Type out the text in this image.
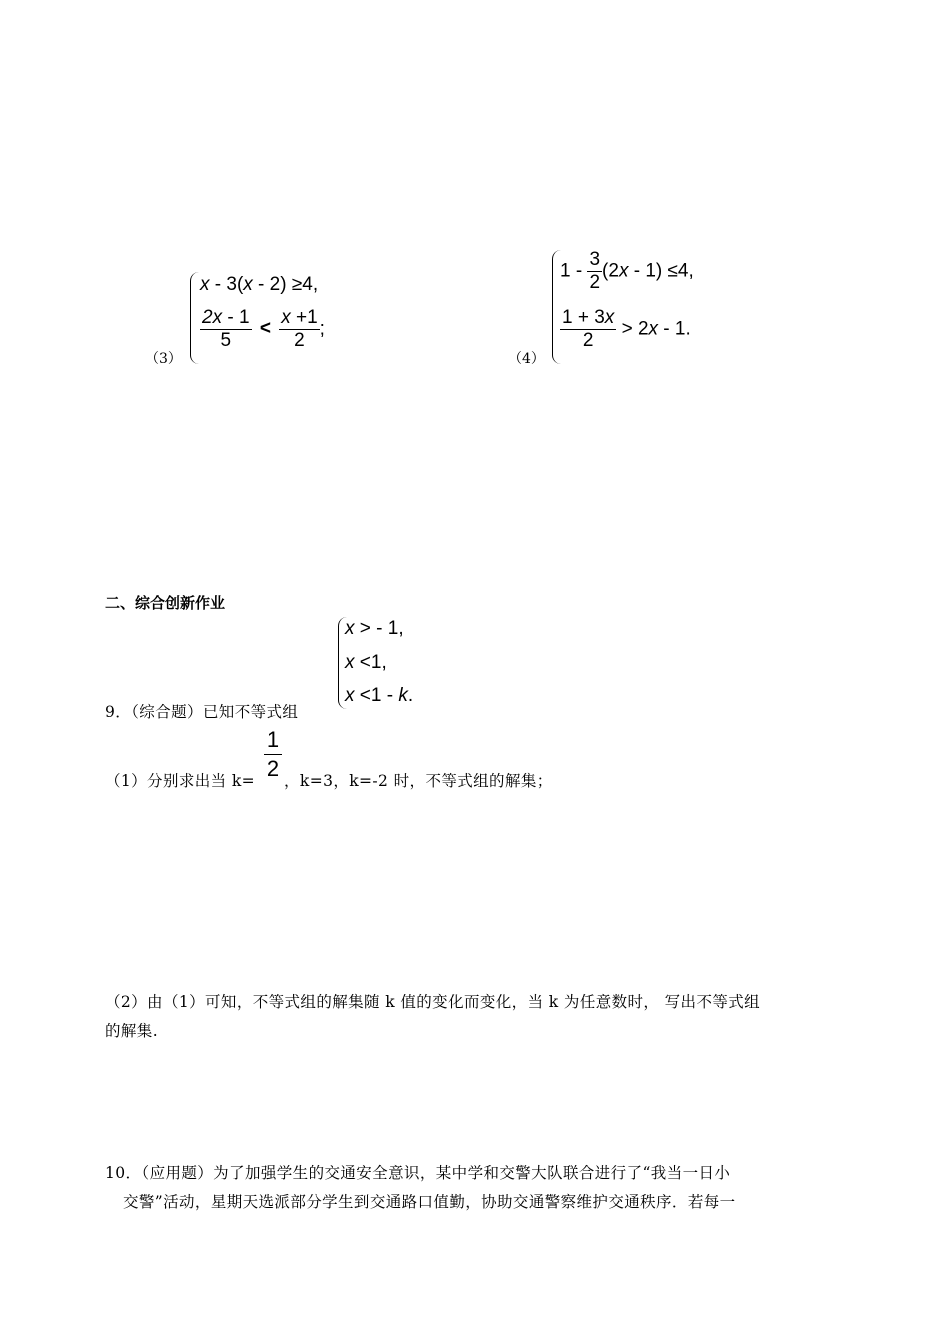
（3）
x - 3(x - 2) ≥4,
$\frac{2x - 1}{5} < \frac{x +1}{2}$ ;
（4）
$1 - \frac{3}{2} (2x - 1) \le 4$,
$\frac{1 + 3x}{2} > 2x - 1$.
二、综合创新作业
x > - 1,
x <1,
x <1 - k.
9．（综合题）已知不等式组
（1）分别求出当 $k= \frac{1}{2}$ ，k=3，k=-2 时，不等式组的解集；
（2）由（1）可知，不等式组的解集随 k 值的变化而变化，当 k 为任意数时， 写出不等式组
的解集.
10．（应用题）为了加强学生的交通安全意识，某中学和交警大队联合进行了“我当一日小
交警”活动，星期天选派部分学生到交通路口值勤，协助交通警察维护交通秩序．若每一
